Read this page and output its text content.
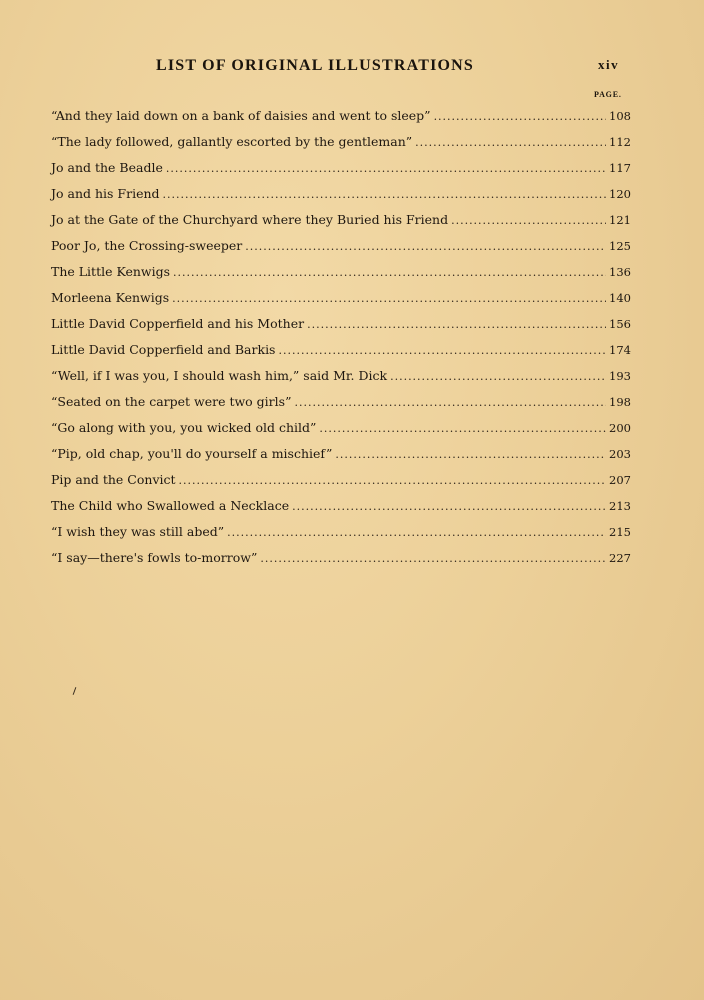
LIST OF ORIGINAL ILLUSTRATIONS	xiv
PAGE.
“And they laid down on a bank of daisies and went to sleep” .....	108
“The lady followed, gallantly escorted by the gentleman” .....	112
Jo and the Beadle .....	117
Jo and his Friend .....	120
Jo at the Gate of the Churchyard where they Buried his Friend .....	121
Poor Jo, the Crossing-sweeper .....	125
The Little Kenwigs .....	136
Morleena Kenwigs .....	140
Little David Copperfield and his Mother .....	156
Little David Copperfield and Barkis .....	174
“Well, if I was you, I should wash him,” said Mr. Dick .....	193
“Seated on the carpet were two girls” .....	198
“Go along with you, you wicked old child” .....	200
“Pip, old chap, you'll do yourself a mischief” .....	203
Pip and the Convict .....	207
The Child who Swallowed a Necklace .....	213
“I wish they was still abed” .....	215
“I say—there's fowls to-morrow” .....	227
